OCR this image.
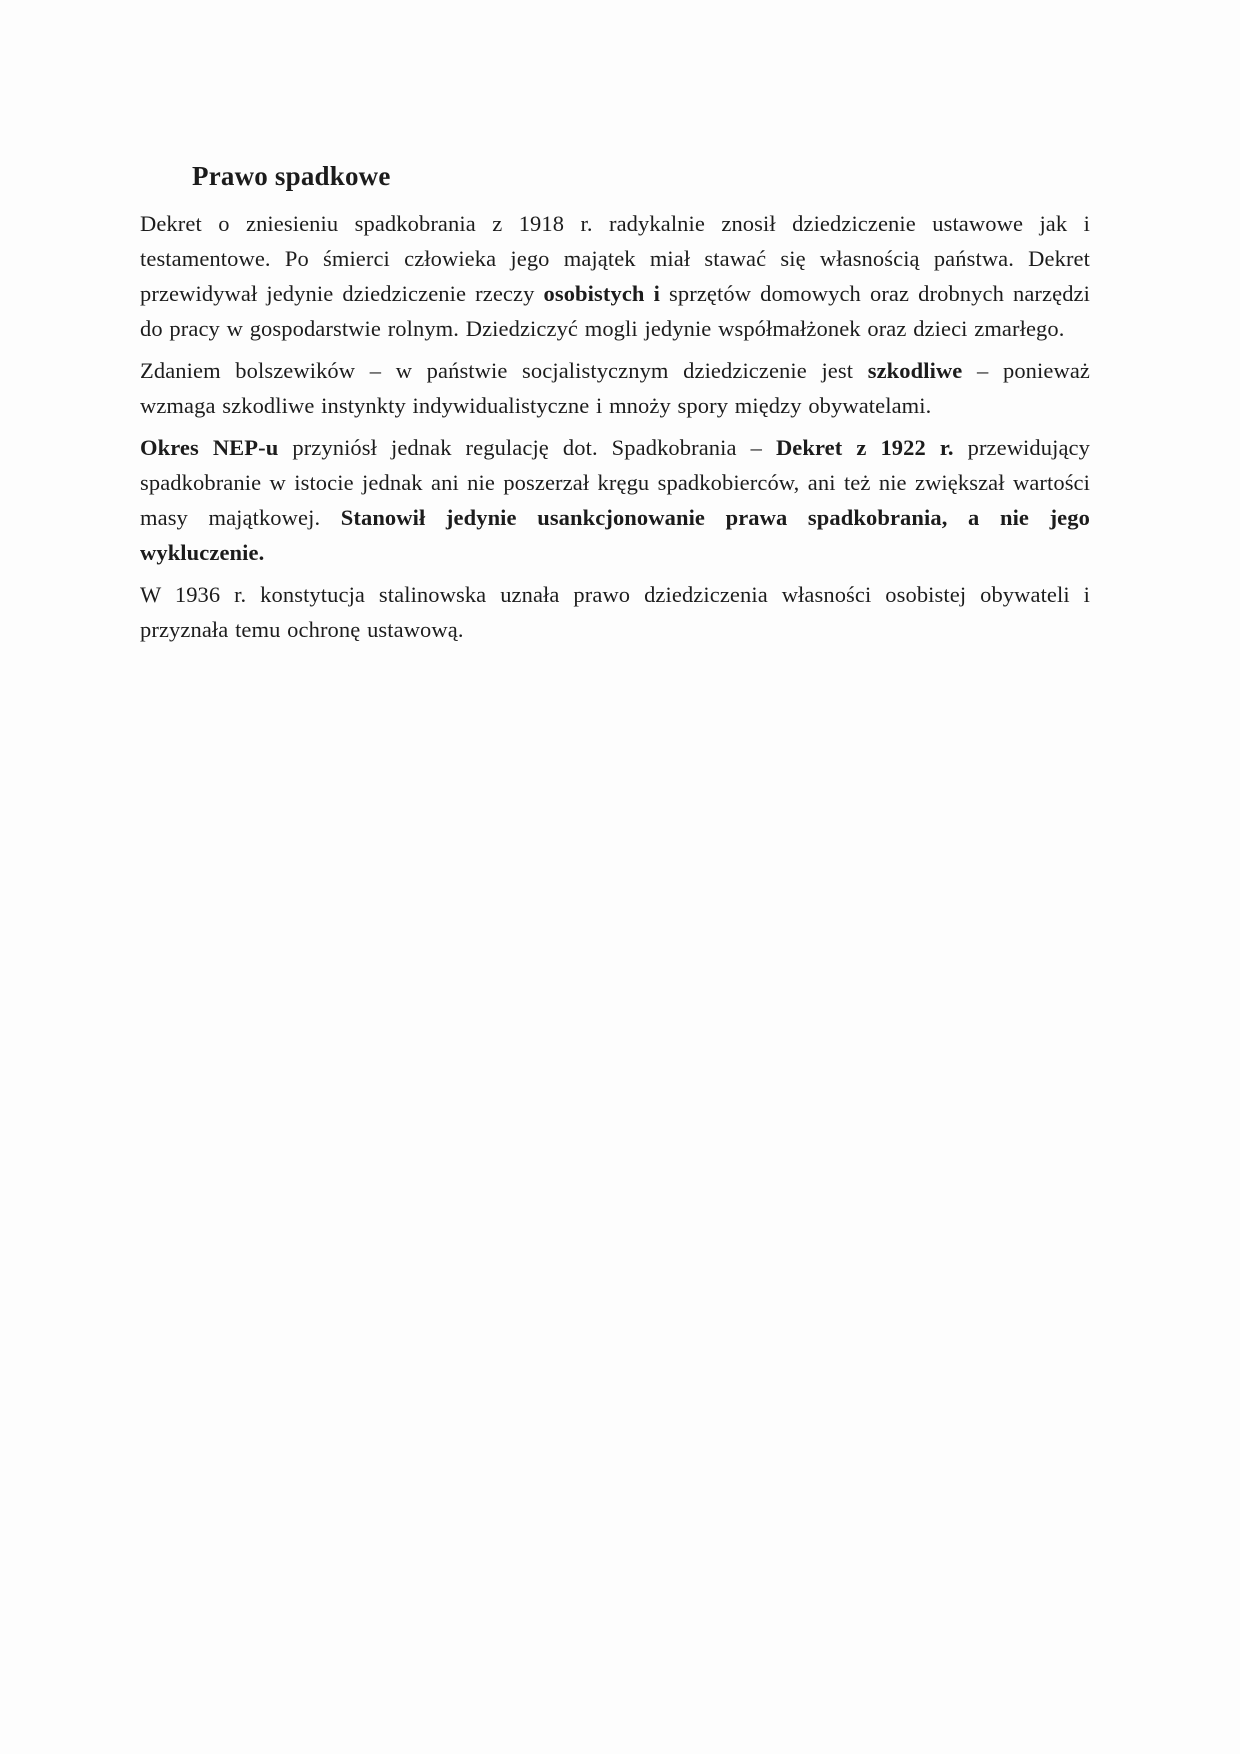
Prawo spadkowe

Dekret o zniesieniu spadkobrania z 1918 r. radykalnie znosił dziedziczenie ustawowe jak i testamentowe. Po śmierci człowieka jego majątek miał stawać się własnością państwa. Dekret przewidywał jedynie dziedziczenie rzeczy osobistych i sprzętów domowych oraz drobnych narzędzi do pracy w gospodarstwie rolnym. Dziedziczyć mogli jedynie współmałżonek oraz dzieci zmarłego.

Zdaniem bolszewików – w państwie socjalistycznym dziedziczenie jest szkodliwe – ponieważ wzmaga szkodliwe instynkty indywidualistyczne i mnoży spory między obywatelami.

Okres NEP-u przyniósł jednak regulację dot. Spadkobrania – Dekret z 1922 r. przewidujący spadkobranie w istocie jednak ani nie poszerzał kręgu spadkobierców, ani też nie zwiększał wartości masy majątkowej. Stanowił jedynie usankcjonowanie prawa spadkobrania, a nie jego wykluczenie.

W 1936 r. konstytucja stalinowska uznała prawo dziedziczenia własności osobistej obywateli i przyznała temu ochronę ustawową.
